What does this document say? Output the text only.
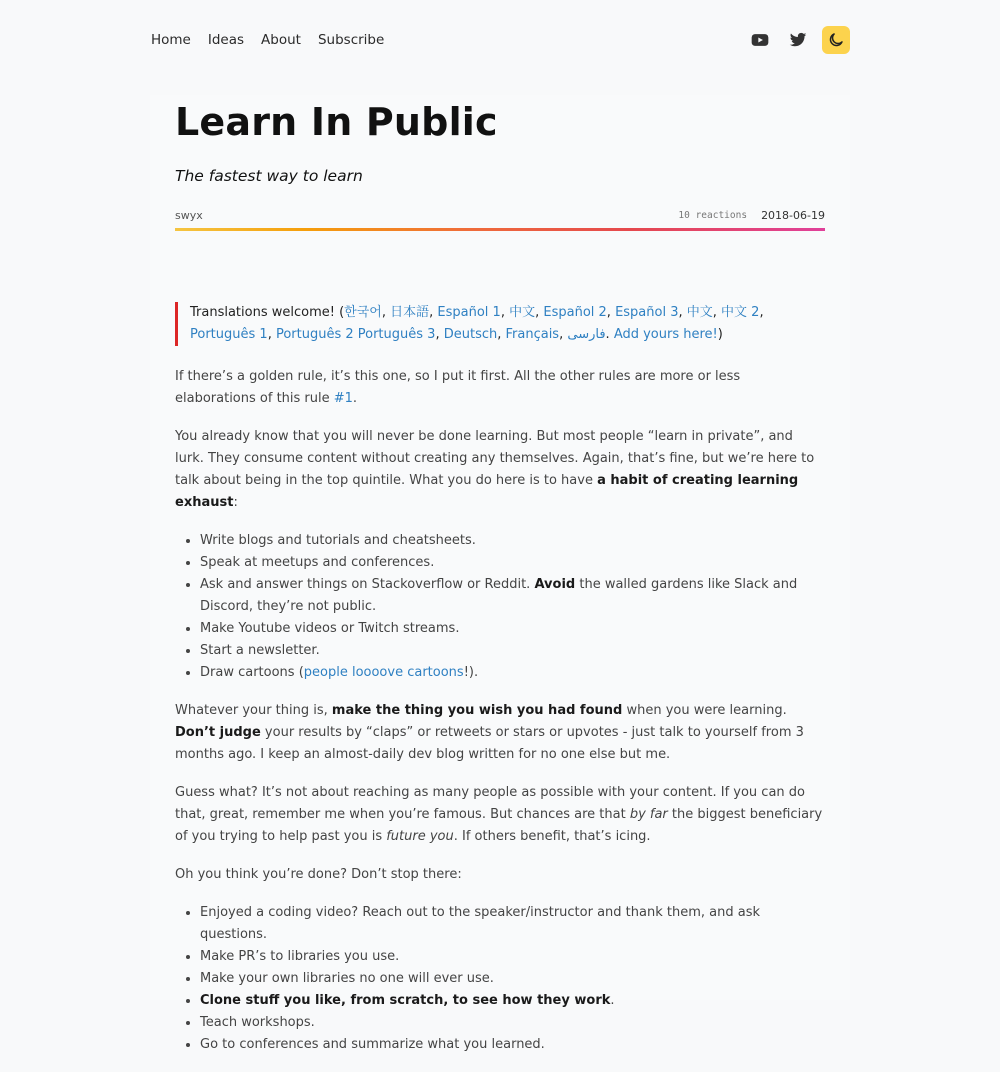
Home Ideas About Subscribe
Learn In Public

The fastest way to learn

swyx	10 reactions 2018-06-19
Translations welcome! (한국어, 日本語, Español 1, 中文, Español 2, Español 3, 中文, 中文 2, Português 1, Português 2 Português 3, Deutsch, Français, فارسی. Add yours here!)

If there’s a golden rule, it’s this one, so I put it first. All the other rules are more or less elaborations of this rule #1.

You already know that you will never be done learning. But most people “learn in private”, and lurk. They consume content without creating any themselves. Again, that’s fine, but we’re here to talk about being in the top quintile. What you do here is to have a habit of creating learning exhaust:

• Write blogs and tutorials and cheatsheets.
• Speak at meetups and conferences.
• Ask and answer things on Stackoverflow or Reddit. Avoid the walled gardens like Slack and Discord, they’re not public.
• Make Youtube videos or Twitch streams.
• Start a newsletter.
• Draw cartoons (people loooove cartoons!).

Whatever your thing is, make the thing you wish you had found when you were learning. Don’t judge your results by “claps” or retweets or stars or upvotes - just talk to yourself from 3 months ago. I keep an almost-daily dev blog written for no one else but me.

Guess what? It’s not about reaching as many people as possible with your content. If you can do that, great, remember me when you’re famous. But chances are that by far the biggest beneficiary of you trying to help past you is future you. If others benefit, that’s icing.

Oh you think you’re done? Don’t stop there:

• Enjoyed a coding video? Reach out to the speaker/instructor and thank them, and ask questions.
• Make PR’s to libraries you use.
• Make your own libraries no one will ever use.
• Clone stuff you like, from scratch, to see how they work.
• Teach workshops.
• Go to conferences and summarize what you learned.
